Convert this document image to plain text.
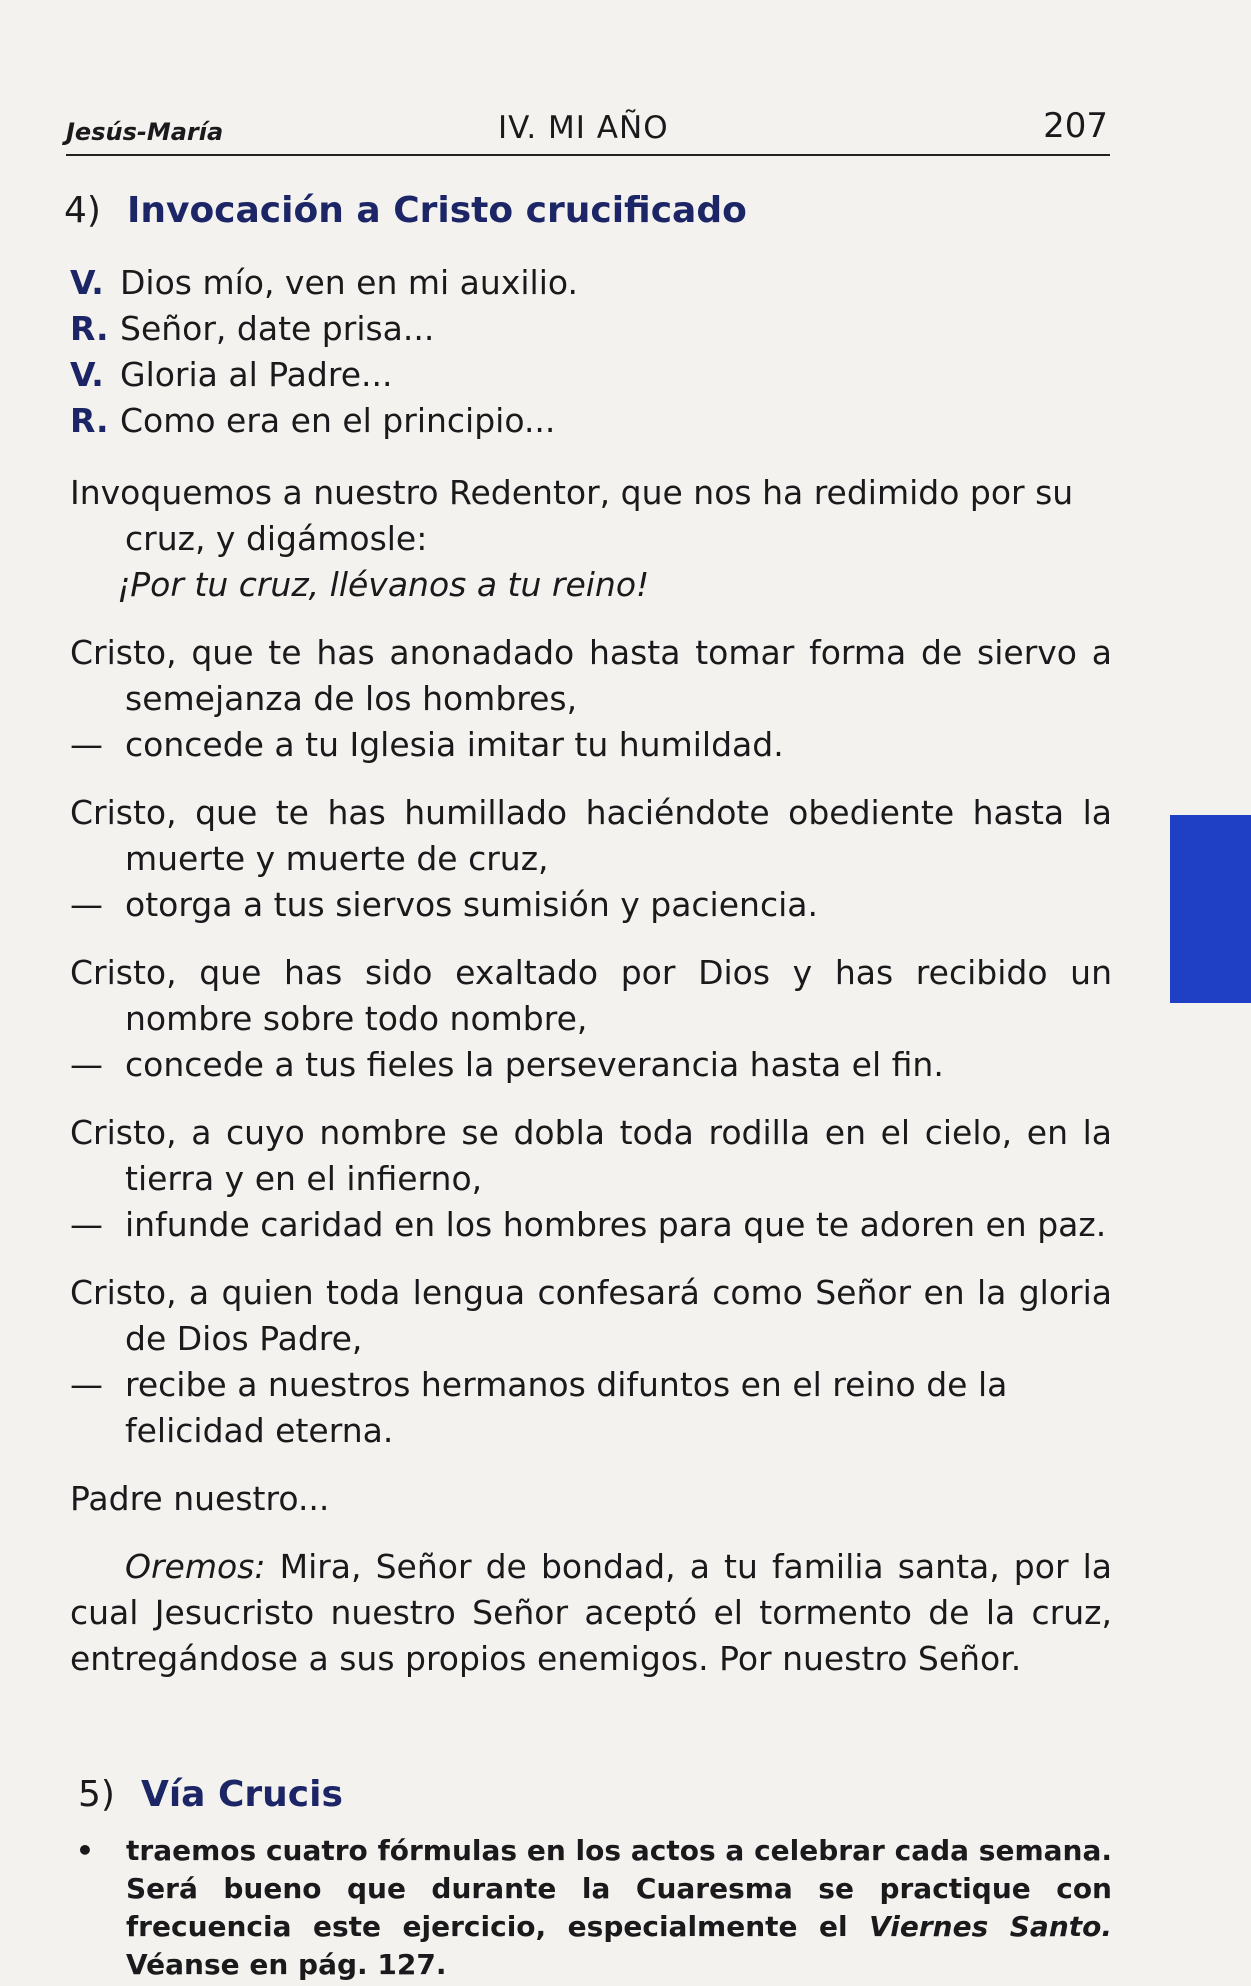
Jesús-María	IV. MI AÑO	207
4) Invocación a Cristo crucificado
V. Dios mío, ven en mi auxilio.
R. Señor, date prisa...
V. Gloria al Padre...
R. Como era en el principio...
Invoquemos a nuestro Redentor, que nos ha redimido por su cruz, y digámosle:
¡Por tu cruz, llévanos a tu reino!
Cristo, que te has anonadado hasta tomar forma de siervo a semejanza de los hombres,
— concede a tu Iglesia imitar tu humildad.
Cristo, que te has humillado haciéndote obediente hasta la muerte y muerte de cruz,
— otorga a tus siervos sumisión y paciencia.
Cristo, que has sido exaltado por Dios y has recibido un nombre sobre todo nombre,
— concede a tus fieles la perseverancia hasta el fin.
Cristo, a cuyo nombre se dobla toda rodilla en el cielo, en la tierra y en el infierno,
— infunde caridad en los hombres para que te adoren en paz.
Cristo, a quien toda lengua confesará como Señor en la gloria de Dios Padre,
— recibe a nuestros hermanos difuntos en el reino de la felicidad eterna.
Padre nuestro...
Oremos: Mira, Señor de bondad, a tu familia santa, por la cual Jesucristo nuestro Señor aceptó el tormento de la cruz, entregándose a sus propios enemigos. Por nuestro Señor.
5) Vía Crucis
•	traemos cuatro fórmulas en los actos a celebrar cada semana. Será bueno que durante la Cuaresma se practique con frecuencia este ejercicio, especialmente el Viernes Santo. Véanse en pág. 127.
